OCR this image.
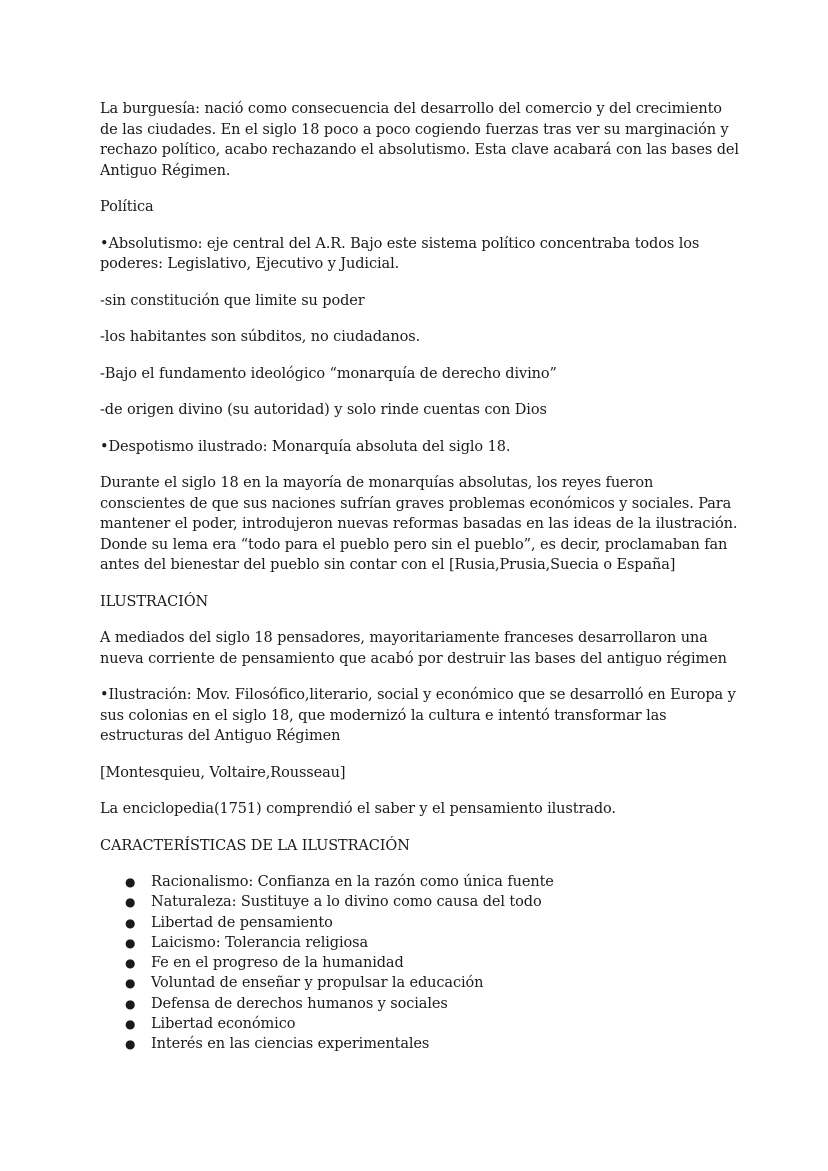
La burguesía: nació como consecuencia del desarrollo del comercio y del crecimiento de las ciudades. En el siglo 18 poco a poco cogiendo fuerzas tras ver su marginación y rechazo político, acabo rechazando el absolutismo. Esta clave acabará con las bases del Antiguo Régimen.

Política

•Absolutismo: eje central del A.R. Bajo este sistema político concentraba todos los poderes: Legislativo, Ejecutivo y Judicial.

-sin constitución que limite su poder

-los habitantes son súbditos, no ciudadanos.

-Bajo el fundamento ideológico “monarquía de derecho divino”

-de origen divino (su autoridad) y solo rinde cuentas con Dios

•Despotismo ilustrado: Monarquía absoluta del siglo 18.

Durante el siglo 18 en la mayoría de monarquías absolutas, los reyes fueron conscientes de que sus naciones sufrían graves problemas económicos y sociales. Para mantener el poder, introdujeron nuevas reformas basadas en las ideas de la ilustración. Donde su lema era “todo para el pueblo pero sin el pueblo”, es decir, proclamaban fan antes del bienestar del pueblo sin contar con el [Rusia,Prusia,Suecia o España]

ILUSTRACIÓN

A mediados del siglo 18 pensadores, mayoritariamente franceses desarrollaron una nueva corriente de pensamiento que acabó por destruir las bases del antiguo régimen

•Ilustración: Mov. Filosófico,literario, social y económico que se desarrolló en Europa y sus colonias en el siglo 18, que modernizó la cultura e intentó transformar las estructuras del Antiguo Régimen

[Montesquieu, Voltaire,Rousseau]

La enciclopedia(1751) comprendió el saber y el pensamiento ilustrado.

CARACTERÍSTICAS DE LA ILUSTRACIÓN

● Racionalismo: Confianza en la razón como única fuente
● Naturaleza: Sustituye a lo divino como causa del todo
● Libertad de pensamiento
● Laicismo: Tolerancia religiosa
● Fe en el progreso de la humanidad
● Voluntad de enseñar y propulsar la educación
● Defensa de derechos humanos y sociales
● Libertad económico
● Interés en las ciencias experimentales
